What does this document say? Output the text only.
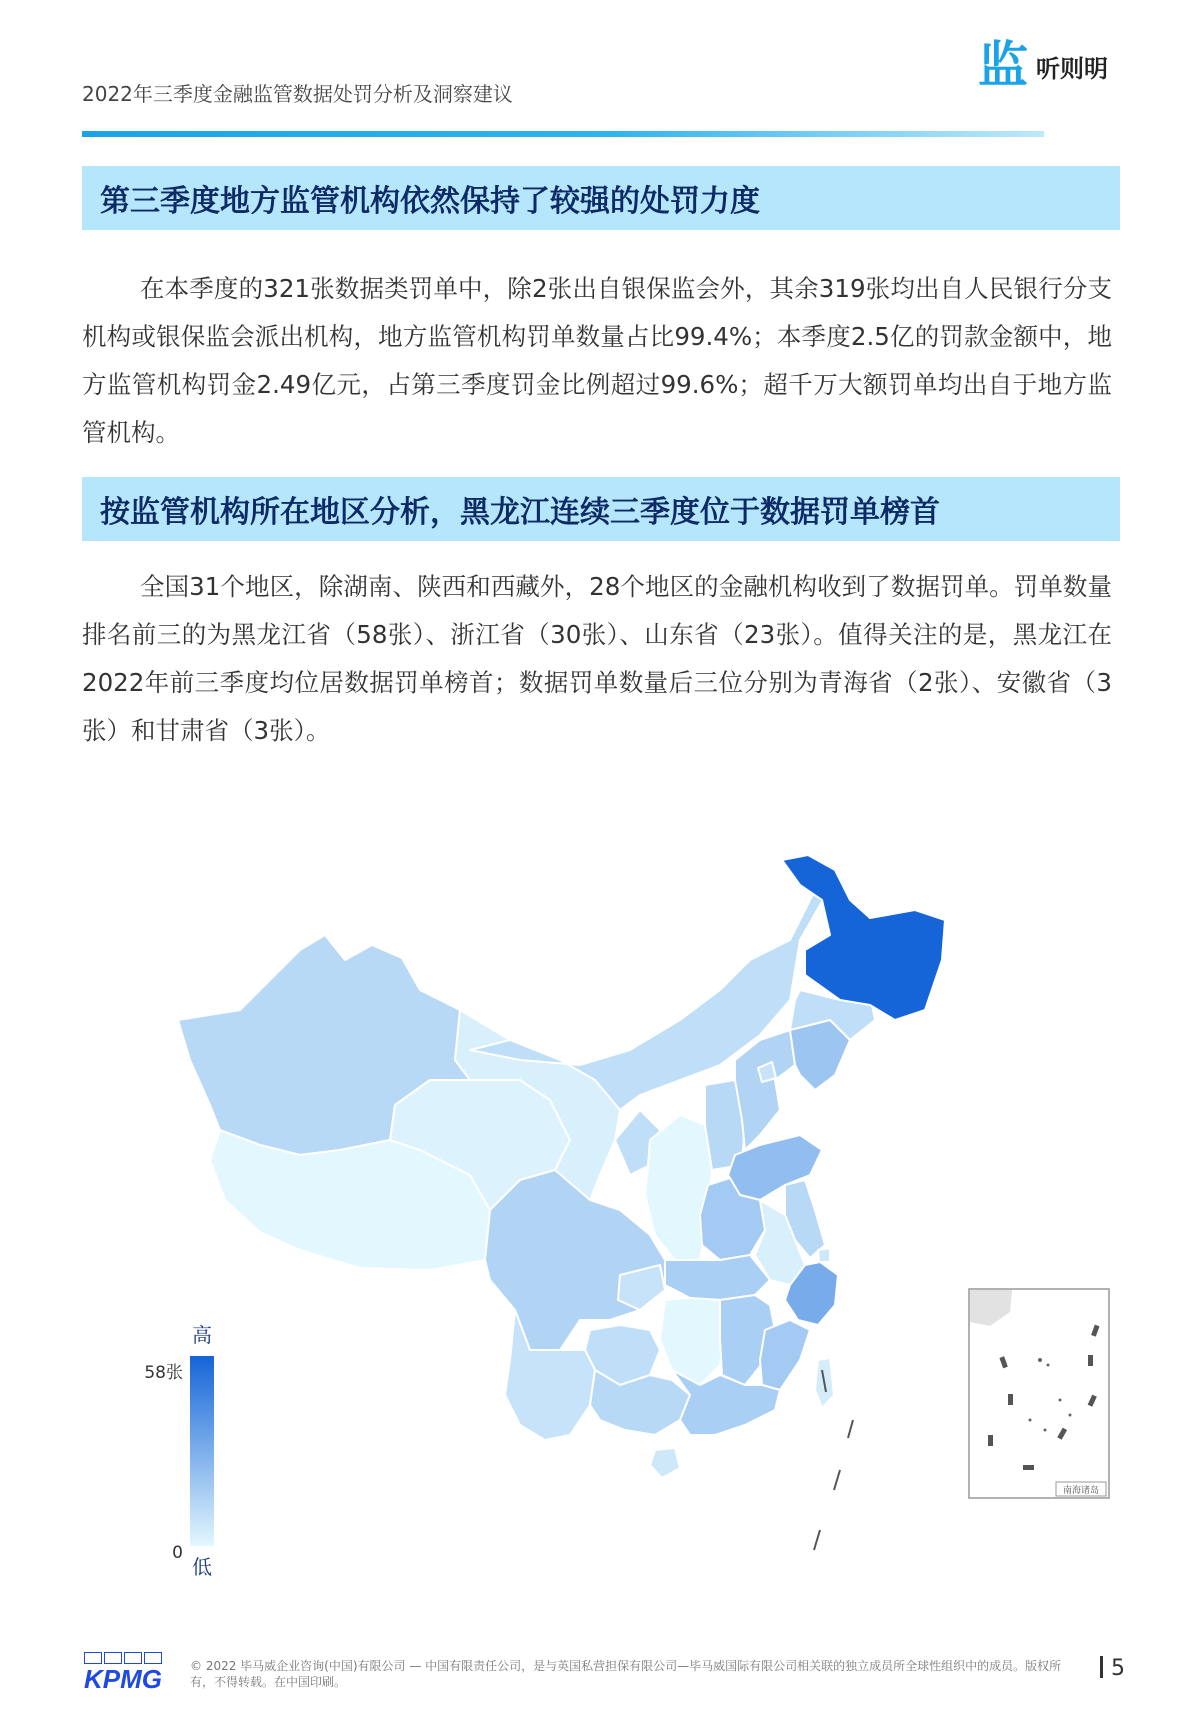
2022年三季度金融监管数据处罚分析及洞察建议	监 听则明
第三季度地方监管机构依然保持了较强的处罚力度

在本季度的321张数据类罚单中，除2张出自银保监会外，其余319张均出自人民银行分支机构或银保监会派出机构，地方监管机构罚单数量占比99.4%；本季度2.5亿的罚款金额中，地方监管机构罚金2.49亿元，占第三季度罚金比例超过99.6%；超千万大额罚单均出自于地方监管机构。

按监管机构所在地区分析，黑龙江连续三季度位于数据罚单榜首

全国31个地区，除湖南、陕西和西藏外，28个地区的金融机构收到了数据罚单。罚单数量排名前三的为黑龙江省（58张）、浙江省（30张）、山东省（23张）。值得关注的是，黑龙江在2022年前三季度均位居数据罚单榜首；数据罚单数量后三位分别为青海省（2张）、安徽省（3张）和甘肃省（3张）。

南海诸岛
高
低
58张
0
KPMG © 2022 毕马威企业咨询(中国)有限公司 — 中国有限责任公司，是与英国私营担保有限公司—毕马威国际有限公司相关联的独立成员所全球性组织中的成员。版权所有，不得转载。在中国印刷。
5
